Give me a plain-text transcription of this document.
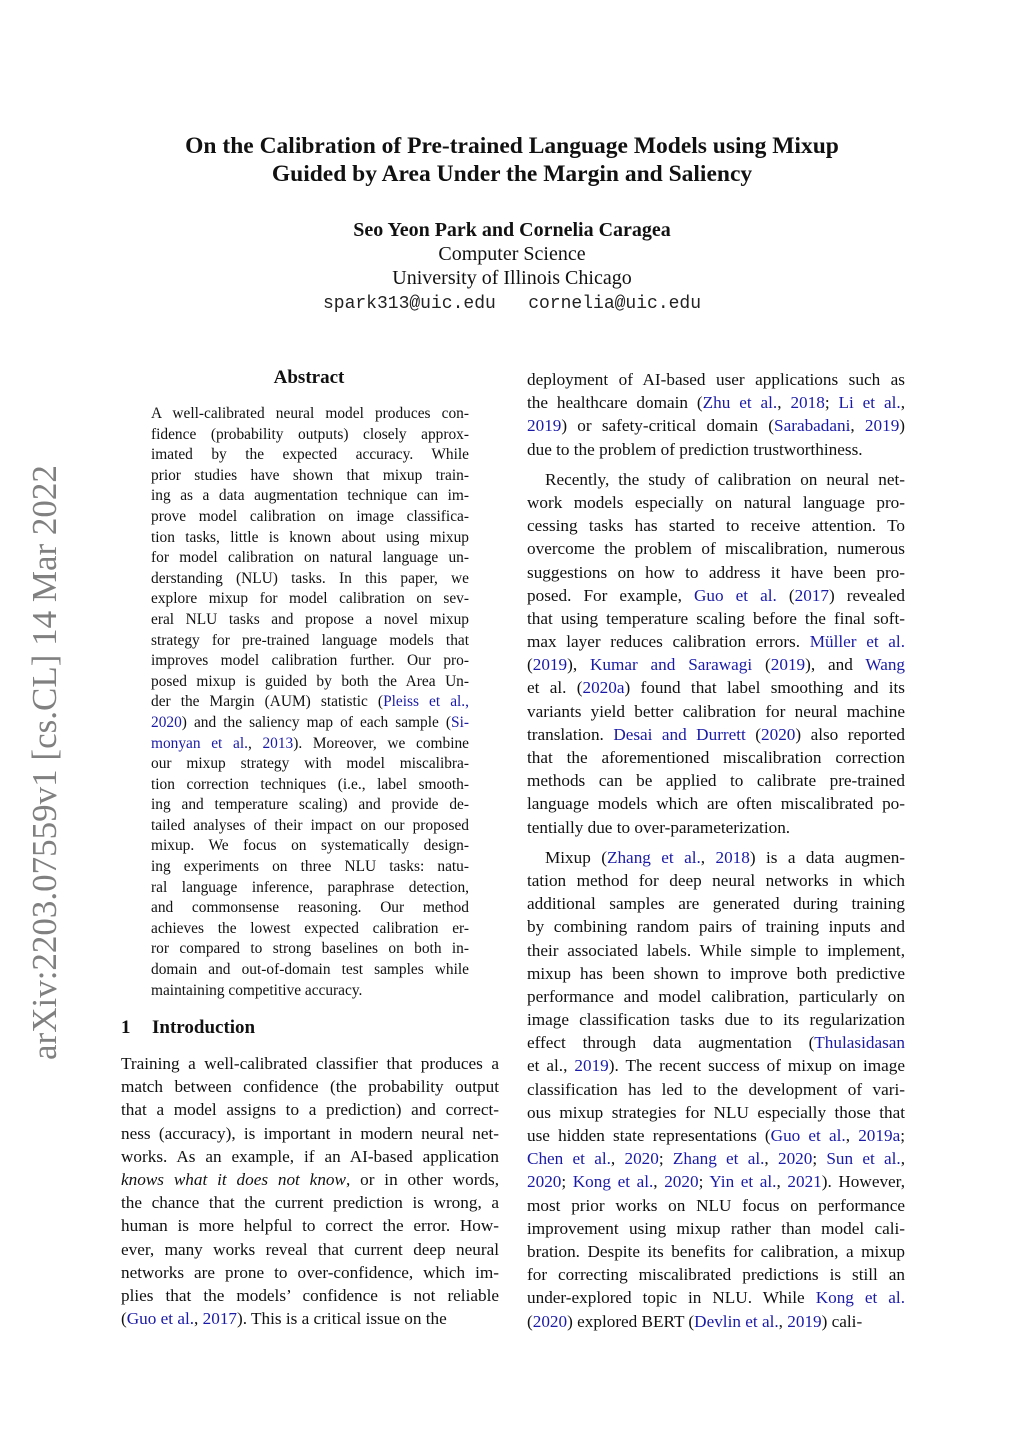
arXiv:2203.07559v1 [cs.CL] 14 Mar 2022
On the Calibration of Pre-trained Language Models using Mixup
Guided by Area Under the Margin and Saliency
Seo Yeon Park and Cornelia Caragea
Computer Science
University of Illinois Chicago
spark313@uic.edu   cornelia@uic.edu
Abstract
A well-calibrated neural model produces con-
fidence (probability outputs) closely approx-
imated by the expected accuracy. While
prior studies have shown that mixup train-
ing as a data augmentation technique can im-
prove model calibration on image classifica-
tion tasks, little is known about using mixup
for model calibration on natural language un-
derstanding (NLU) tasks. In this paper, we
explore mixup for model calibration on sev-
eral NLU tasks and propose a novel mixup
strategy for pre-trained language models that
improves model calibration further. Our pro-
posed mixup is guided by both the Area Un-
der the Margin (AUM) statistic (Pleiss et al.,
2020) and the saliency map of each sample (Si-
monyan et al., 2013). Moreover, we combine
our mixup strategy with model miscalibra-
tion correction techniques (i.e., label smooth-
ing and temperature scaling) and provide de-
tailed analyses of their impact on our proposed
mixup. We focus on systematically design-
ing experiments on three NLU tasks: natu-
ral language inference, paraphrase detection,
and commonsense reasoning. Our method
achieves the lowest expected calibration er-
ror compared to strong baselines on both in-
domain and out-of-domain test samples while
maintaining competitive accuracy.
1 Introduction
Training a well-calibrated classifier that produces a
match between confidence (the probability output
that a model assigns to a prediction) and correct-
ness (accuracy), is important in modern neural net-
works. As an example, if an AI-based application
knows what it does not know, or in other words,
the chance that the current prediction is wrong, a
human is more helpful to correct the error. How-
ever, many works reveal that current deep neural
networks are prone to over-confidence, which im-
plies that the models’ confidence is not reliable
(Guo et al., 2017). This is a critical issue on the
deployment of AI-based user applications such as
the healthcare domain (Zhu et al., 2018; Li et al.,
2019) or safety-critical domain (Sarabadani, 2019)
due to the problem of prediction trustworthiness.
Recently, the study of calibration on neural net-
work models especially on natural language pro-
cessing tasks has started to receive attention. To
overcome the problem of miscalibration, numerous
suggestions on how to address it have been pro-
posed. For example, Guo et al. (2017) revealed
that using temperature scaling before the final soft-
max layer reduces calibration errors. Müller et al.
(2019), Kumar and Sarawagi (2019), and Wang
et al. (2020a) found that label smoothing and its
variants yield better calibration for neural machine
translation. Desai and Durrett (2020) also reported
that the aforementioned miscalibration correction
methods can be applied to calibrate pre-trained
language models which are often miscalibrated po-
tentially due to over-parameterization.
Mixup (Zhang et al., 2018) is a data augmen-
tation method for deep neural networks in which
additional samples are generated during training
by combining random pairs of training inputs and
their associated labels. While simple to implement,
mixup has been shown to improve both predictive
performance and model calibration, particularly on
image classification tasks due to its regularization
effect through data augmentation (Thulasidasan
et al., 2019). The recent success of mixup on image
classification has led to the development of vari-
ous mixup strategies for NLU especially those that
use hidden state representations (Guo et al., 2019a;
Chen et al., 2020; Zhang et al., 2020; Sun et al.,
2020; Kong et al., 2020; Yin et al., 2021). However,
most prior works on NLU focus on performance
improvement using mixup rather than model cali-
bration. Despite its benefits for calibration, a mixup
for correcting miscalibrated predictions is still an
under-explored topic in NLU. While Kong et al.
(2020) explored BERT (Devlin et al., 2019) cali-
